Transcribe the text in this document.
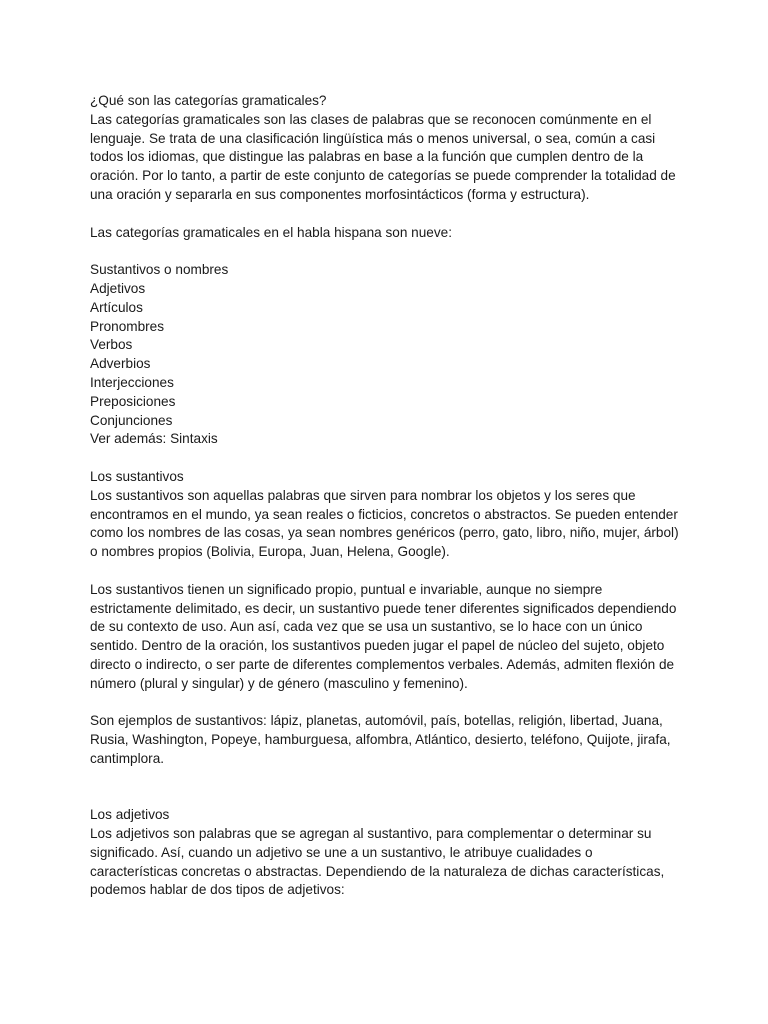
¿Qué son las categorías gramaticales?

Las categorías gramaticales son las clases de palabras que se reconocen comúnmente en el lenguaje. Se trata de una clasificación lingüística más o menos universal, o sea, común a casi todos los idiomas, que distingue las palabras en base a la función que cumplen dentro de la oración. Por lo tanto, a partir de este conjunto de categorías se puede comprender la totalidad de una oración y separarla en sus componentes morfosintácticos (forma y estructura).

Las categorías gramaticales en el habla hispana son nueve:

Sustantivos o nombres
Adjetivos
Artículos
Pronombres
Verbos
Adverbios
Interjecciones
Preposiciones
Conjunciones
Ver además: Sintaxis
Los sustantivos

Los sustantivos son aquellas palabras que sirven para nombrar los objetos y los seres que encontramos en el mundo, ya sean reales o ficticios, concretos o abstractos. Se pueden entender como los nombres de las cosas, ya sean nombres genéricos (perro, gato, libro, niño, mujer, árbol) o nombres propios (Bolivia, Europa, Juan, Helena, Google).

Los sustantivos tienen un significado propio, puntual e invariable, aunque no siempre estrictamente delimitado, es decir, un sustantivo puede tener diferentes significados dependiendo de su contexto de uso. Aun así, cada vez que se usa un sustantivo, se lo hace con un único sentido. Dentro de la oración, los sustantivos pueden jugar el papel de núcleo del sujeto, objeto directo o indirecto, o ser parte de diferentes complementos verbales. Además, admiten flexión de número (plural y singular) y de género (masculino y femenino).

Son ejemplos de sustantivos: lápiz, planetas, automóvil, país, botellas, religión, libertad, Juana, Rusia, Washington, Popeye, hamburguesa, alfombra, Atlántico, desierto, teléfono, Quijote, jirafa, cantimplora.

Los adjetivos

Los adjetivos son palabras que se agregan al sustantivo, para complementar o determinar su significado. Así, cuando un adjetivo se une a un sustantivo, le atribuye cualidades o características concretas o abstractas. Dependiendo de la naturaleza de dichas características, podemos hablar de dos tipos de adjetivos:
